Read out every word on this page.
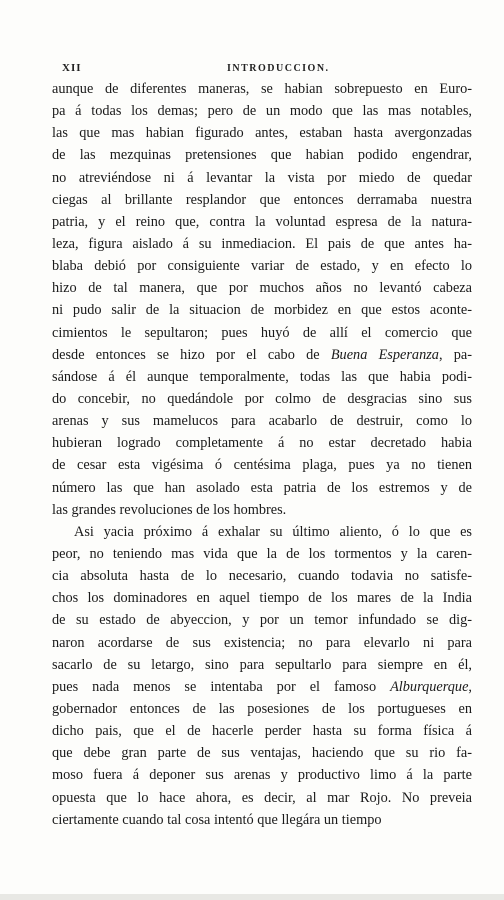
XII	INTRODUCCION.
aunque de diferentes maneras, se habian sobrepuesto en Euro-
pa á todas los demas; pero de un modo que las mas notables,
las que mas habian figurado antes, estaban hasta avergonzadas
de las mezquinas pretensiones que habian podido engendrar,
no atreviéndose ni á levantar la vista por miedo de quedar
ciegas al brillante resplandor que entonces derramaba nuestra
patria, y el reino que, contra la voluntad espresa de la natura-
leza, figura aislado á su inmediacion. El pais de que antes ha-
blaba debió por consiguiente variar de estado, y en efecto lo
hizo de tal manera, que por muchos años no levantó cabeza
ni pudo salir de la situacion de morbidez en que estos aconte-
cimientos le sepultaron; pues huyó de allí el comercio que
desde entonces se hizo por el cabo de Buena Esperanza, pa-
sándose á él aunque temporalmente, todas las que habia podi-
do concebir, no quedándole por colmo de desgracias sino sus
arenas y sus mamelucos para acabarlo de destruir, como lo
hubieran logrado completamente á no estar decretado habia
de cesar esta vigésima ó centésima plaga, pues ya no tienen
número las que han asolado esta patria de los estremos y de
las grandes revoluciones de los hombres.
Asi yacia próximo á exhalar su último aliento, ó lo que es
peor, no teniendo mas vida que la de los tormentos y la caren-
cia absoluta hasta de lo necesario, cuando todavia no satisfe-
chos los dominadores en aquel tiempo de los mares de la India
de su estado de abyeccion, y por un temor infundado se dig-
naron acordarse de sus existencia; no para elevarlo ni para
sacarlo de su letargo, sino para sepultarlo para siempre en él,
pues nada menos se intentaba por el famoso Alburquerque,
gobernador entonces de las posesiones de los portugueses en
dicho pais, que el de hacerle perder hasta su forma física á
que debe gran parte de sus ventajas, haciendo que su rio fa-
moso fuera á deponer sus arenas y productivo limo á la parte
opuesta que lo hace ahora, es decir, al mar Rojo. No preveia
ciertamente cuando tal cosa intentó que llegára un tiempo
